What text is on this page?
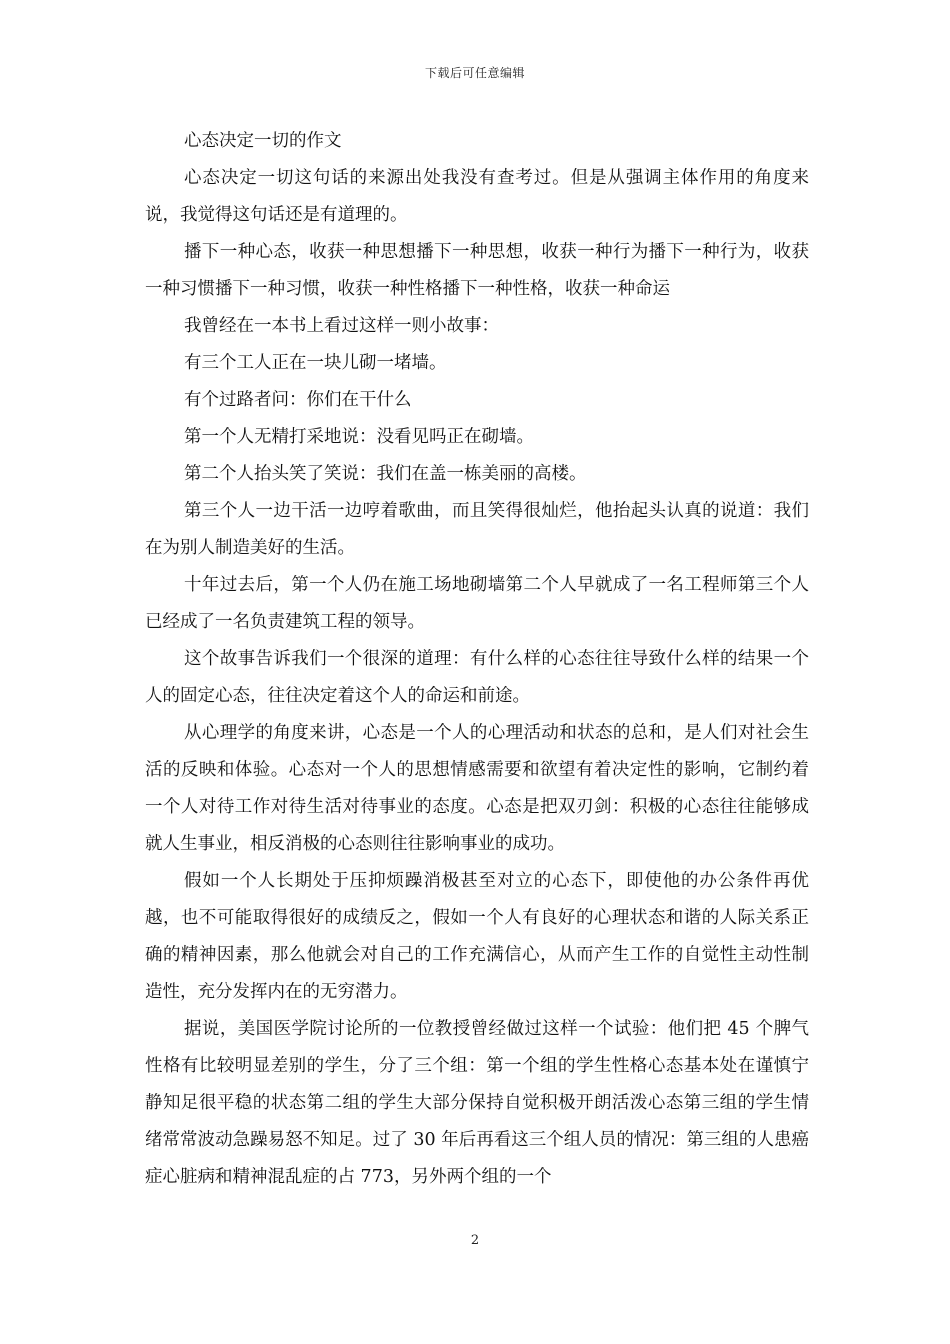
下载后可任意编辑
心态决定一切的作文

心态决定一切这句话的来源出处我没有查考过。但是从强调主体作用的角度来说，我觉得这句话还是有道理的。

播下一种心态，收获一种思想播下一种思想，收获一种行为播下一种行为，收获一种习惯播下一种习惯，收获一种性格播下一种性格，收获一种命运

我曾经在一本书上看过这样一则小故事：

有三个工人正在一块儿砌一堵墙。

有个过路者问：你们在干什么

第一个人无精打采地说：没看见吗正在砌墙。

第二个人抬头笑了笑说：我们在盖一栋美丽的高楼。

第三个人一边干活一边哼着歌曲，而且笑得很灿烂，他抬起头认真的说道：我们在为别人制造美好的生活。

十年过去后，第一个人仍在施工场地砌墙第二个人早就成了一名工程师第三个人已经成了一名负责建筑工程的领导。

这个故事告诉我们一个很深的道理：有什么样的心态往往导致什么样的结果一个人的固定心态，往往决定着这个人的命运和前途。

从心理学的角度来讲，心态是一个人的心理活动和状态的总和，是人们对社会生活的反映和体验。心态对一个人的思想情感需要和欲望有着决定性的影响，它制约着一个人对待工作对待生活对待事业的态度。心态是把双刃剑：积极的心态往往能够成就人生事业，相反消极的心态则往往影响事业的成功。

假如一个人长期处于压抑烦躁消极甚至对立的心态下，即使他的办公条件再优越，也不可能取得很好的成绩反之，假如一个人有良好的心理状态和谐的人际关系正确的精神因素，那么他就会对自己的工作充满信心，从而产生工作的自觉性主动性制造性，充分发挥内在的无穷潜力。

据说，美国医学院讨论所的一位教授曾经做过这样一个试验：他们把 45 个脾气性格有比较明显差别的学生，分了三个组：第一个组的学生性格心态基本处在谨慎宁静知足很平稳的状态第二组的学生大部分保持自觉积极开朗活泼心态第三组的学生情绪常常波动急躁易怒不知足。过了 30 年后再看这三个组人员的情况：第三组的人患癌症心脏病和精神混乱症的占 773，另外两个组的一个

2
